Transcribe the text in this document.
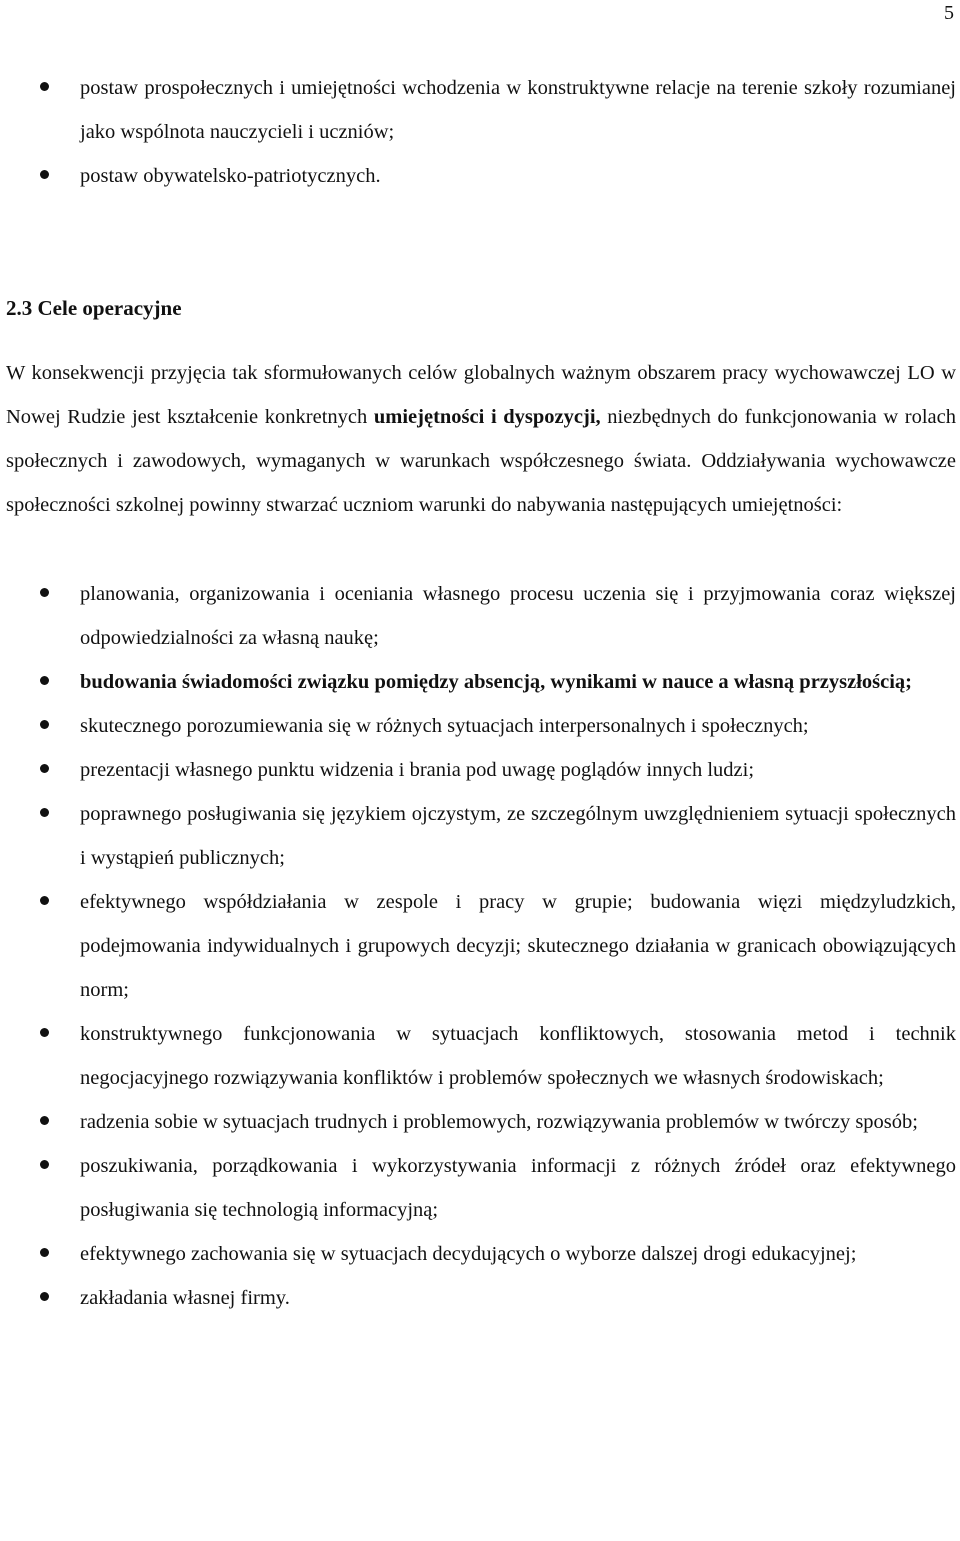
5
postaw prospołecznych i umiejętności wchodzenia w konstruktywne relacje na terenie szkoły rozumianej jako wspólnota nauczycieli i uczniów;
postaw obywatelsko-patriotycznych.
2.3 Cele operacyjne

W konsekwencji przyjęcia tak sformułowanych celów globalnych ważnym obszarem pracy wychowawczej LO w Nowej Rudzie jest kształcenie konkretnych umiejętności i dyspozycji, niezbędnych do funkcjonowania w rolach społecznych i zawodowych, wymaganych w warunkach współczesnego świata. Oddziaływania wychowawcze społeczności szkolnej powinny stwarzać uczniom warunki do nabywania następujących umiejętności:

planowania, organizowania i oceniania własnego procesu uczenia się i przyjmowania coraz większej odpowiedzialności za własną naukę;
budowania świadomości związku pomiędzy absencją, wynikami w nauce a własną przyszłością;
skutecznego porozumiewania się w różnych sytuacjach interpersonalnych i społecznych;
prezentacji własnego punktu widzenia i brania pod uwagę poglądów innych ludzi;
poprawnego posługiwania się językiem ojczystym, ze szczególnym uwzględnieniem sytuacji społecznych i wystąpień publicznych;
efektywnego współdziałania w zespole i pracy w grupie; budowania więzi międzyludzkich, podejmowania indywidualnych i grupowych decyzji; skutecznego działania w granicach obowiązujących norm;
konstruktywnego funkcjonowania w sytuacjach konfliktowych, stosowania metod i technik negocjacyjnego rozwiązywania konfliktów i problemów społecznych we własnych środowiskach;
radzenia sobie w sytuacjach trudnych i problemowych, rozwiązywania problemów w twórczy sposób;
poszukiwania, porządkowania i wykorzystywania informacji z różnych źródeł oraz efektywnego posługiwania się technologią informacyjną;
efektywnego zachowania się w sytuacjach decydujących o wyborze dalszej drogi edukacyjnej;
zakładania własnej firmy.
